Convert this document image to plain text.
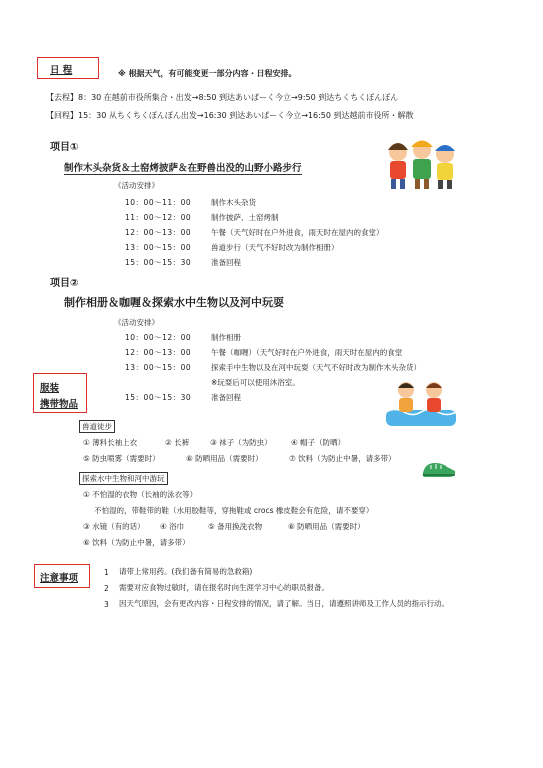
日 程	※ 根据天气，有可能变更一部分内容・日程安排。
【去程】8：30 在越前市役所集合・出发→8:50 到达あいぱーく今立→9:50 到达ちくちくぼんぼん
【回程】15：30 从ちくちくぼんぼん出发→16:30 到达あいぱーく今立→16:50 到达越前市役所・解散
项目①
制作木头杂货＆土窑烤披萨＆在野兽出没的山野小路步行
《活动安排》
10：00～11：00	制作木头杂货
11：00～12：00	制作披萨、土窑烤制
12：00～13：00	午餐（天气好时在户外进食，雨天时在屋内的食堂）
13：00～15：00	兽道步行（天气不好时改为制作相册）
15：00～15：30	准备回程
项目②
制作相册＆咖喱＆探索水中生物以及河中玩耍
《活动安排》
10：00～12：00	制作相册
12：00～13：00	午餐（咖喱）（天气好时在户外进食，雨天时在屋内的食堂
13：00～15：00	探索手中生物以及在河中玩耍（天气不好时改为制作木头杂货）
※玩耍后可以使用沐浴室。
15：00～15：30	准备回程
服装
携带物品
兽道徒步
① 薄料长袖上衣	② 长裤	③ 袜子（为防虫）	④ 帽子（防晒）
⑤ 防虫喷雾（需要时）	⑥ 防晒用品（需要时）	⑦ 饮料（为防止中暑，请多带）
探索水中生物和河中游玩
① 不怕湿的衣物（长袖的泳衣等）
不怕湿的，带鞋带的鞋（水用胶鞋等，穿拖鞋或 crocs 橡皮鞋会有危险，请不要穿）
③ 水镜（有的话） ④ 浴巾	⑤ 备用换洗衣物	⑥ 防晒用品（需要时）
⑥ 饮料（为防止中暑，请多带）
注意事项
1 请带上常用药。(我们备有简易的急救箱)
2 需要对应食物过敏时，请在报名时向生涯学习中心的职员报备。
3 因天气原因，会有更改内容・日程安排的情况，请了解。当日，请遵照讲师及工作人员的指示行动。
